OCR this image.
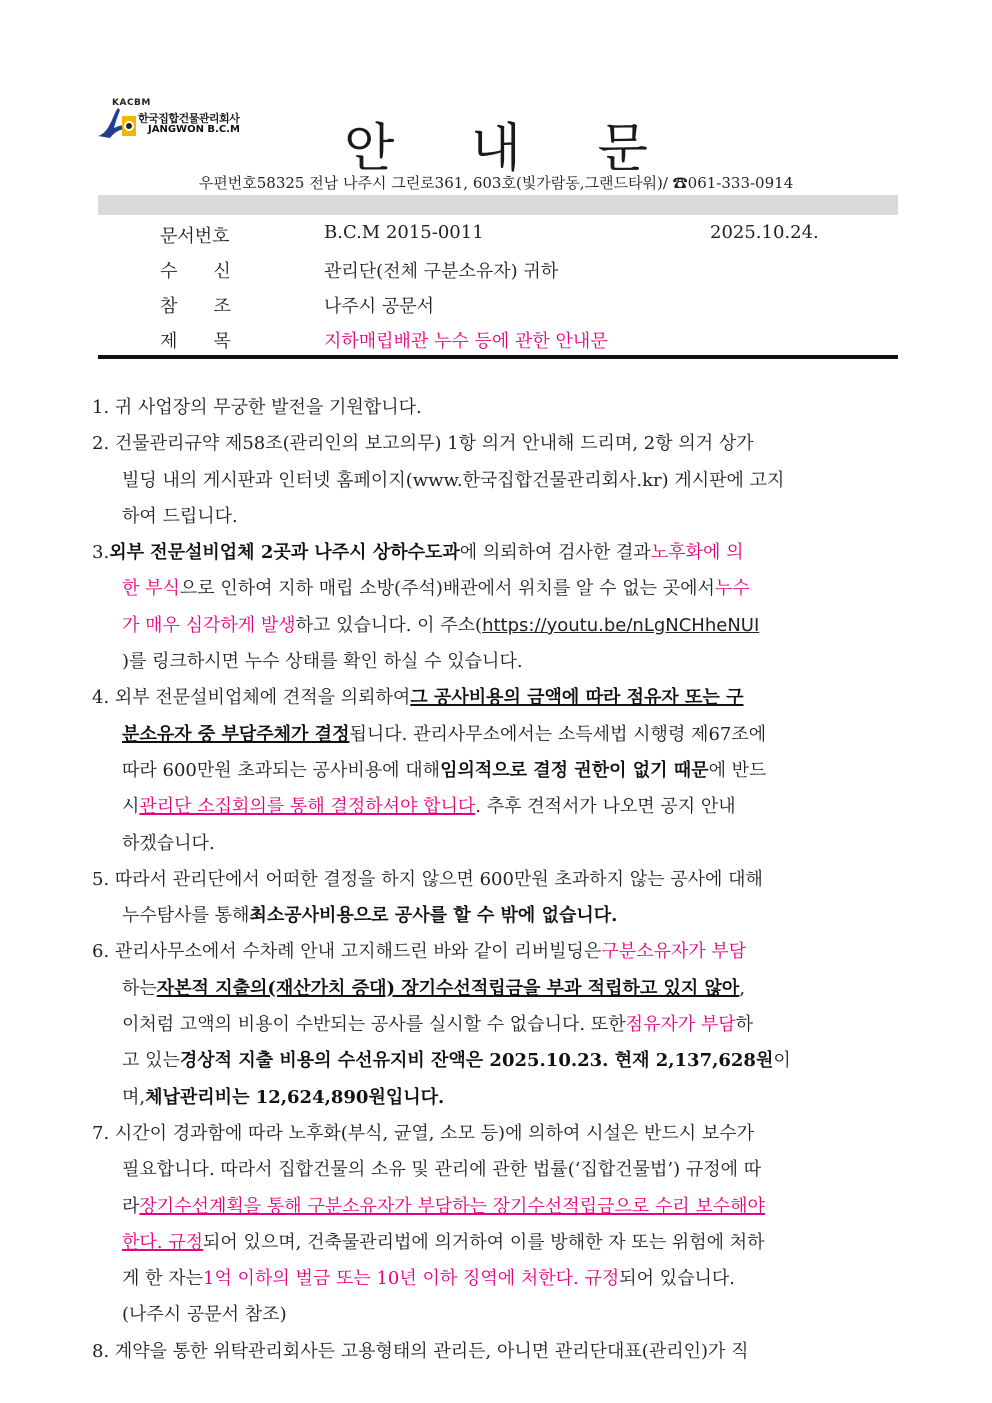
KACBM
한국집합건물관리회사
JANGWON B.C.M	안 내 문
우편번호58325 전남 나주시 그린로361, 603호(빛가람동,그랜드타워)/ ☎061-333-0914
문서번호	B.C.M 2015-0011	2025.10.24.
수　　신	관리단(전체 구분소유자) 귀하
참　　조	나주시 공문서
제　　목	지하매립배관 누수 등에 관한 안내문
1. 귀 사업장의 무궁한 발전을 기원합니다.
2. 건물관리규약 제58조(관리인의 보고의무) 1항 의거 안내해 드리며, 2항 의거 상가
빌딩 내의 게시판과 인터넷 홈페이지(www.한국집합건물관리회사.kr) 게시판에 고지
하여 드립니다.
3. 외부 전문설비업체 2곳과 나주시 상하수도과 에 의뢰하여 검사한 결과 노후화에 의
한 부식 으로 인하여 지하 매립 소방(주석)배관에서 위치를 알 수 없는 곳에서 누수
가 매우 심각하게 발생 하고 있습니다. 이 주소( https://youtu.be/nLgNCHheNUI
)를 링크하시면 누수 상태를 확인 하실 수 있습니다.
4. 외부 전문설비업체에 견적을 의뢰하여 그 공사비용의 금액에 따라 점유자 또는 구
분소유자 중 부담주체가 결정 됩니다. 관리사무소에서는 소득세법 시행령 제67조에
따라 600만원 초과되는 공사비용에 대해 임의적으로 결정 권한이 없기 때문 에 반드
시 관리단 소집회의를 통해 결정하셔야 합니다 . 추후 견적서가 나오면 공지 안내
하겠습니다.
5. 따라서 관리단에서 어떠한 결정을 하지 않으면 600만원 초과하지 않는 공사에 대해
누수탐사를 통해 최소공사비용으로 공사를 할 수 밖에 없습니다.
6. 관리사무소에서 수차례 안내 고지해드린 바와 같이 리버빌딩은 구분소유자가 부담
하는 자본적 지출의(재산가치 증대) 장기수선적립금을 부과 적립하고 있지 않아 ,
이처럼 고액의 비용이 수반되는 공사를 실시할 수 없습니다. 또한 점유자가 부담 하
고 있는 경상적 지출 비용의 수선유지비 잔액은 2025.10.23. 현재 2,137,628원 이
며, 체납관리비는 12,624,890원입니다.
7. 시간이 경과함에 따라 노후화(부식, 균열, 소모 등)에 의하여 시설은 반드시 보수가
필요합니다. 따라서 집합건물의 소유 및 관리에 관한 법률(‘집합건물법’) 규정에 따
라 장기수선계획을 통해 구분소유자가 부담하는 장기수선적립금으로 수리 보수해야
한다. 규정 되어 있으며, 건축물관리법에 의거하여 이를 방해한 자 또는 위험에 처하
게 한 자는 1억 이하의 벌금 또는 10년 이하 징역에 처한다. 규정 되어 있습니다.
(나주시 공문서 참조)
8. 계약을 통한 위탁관리회사든 고용형태의 관리든, 아니면 관리단대표(관리인)가 직
